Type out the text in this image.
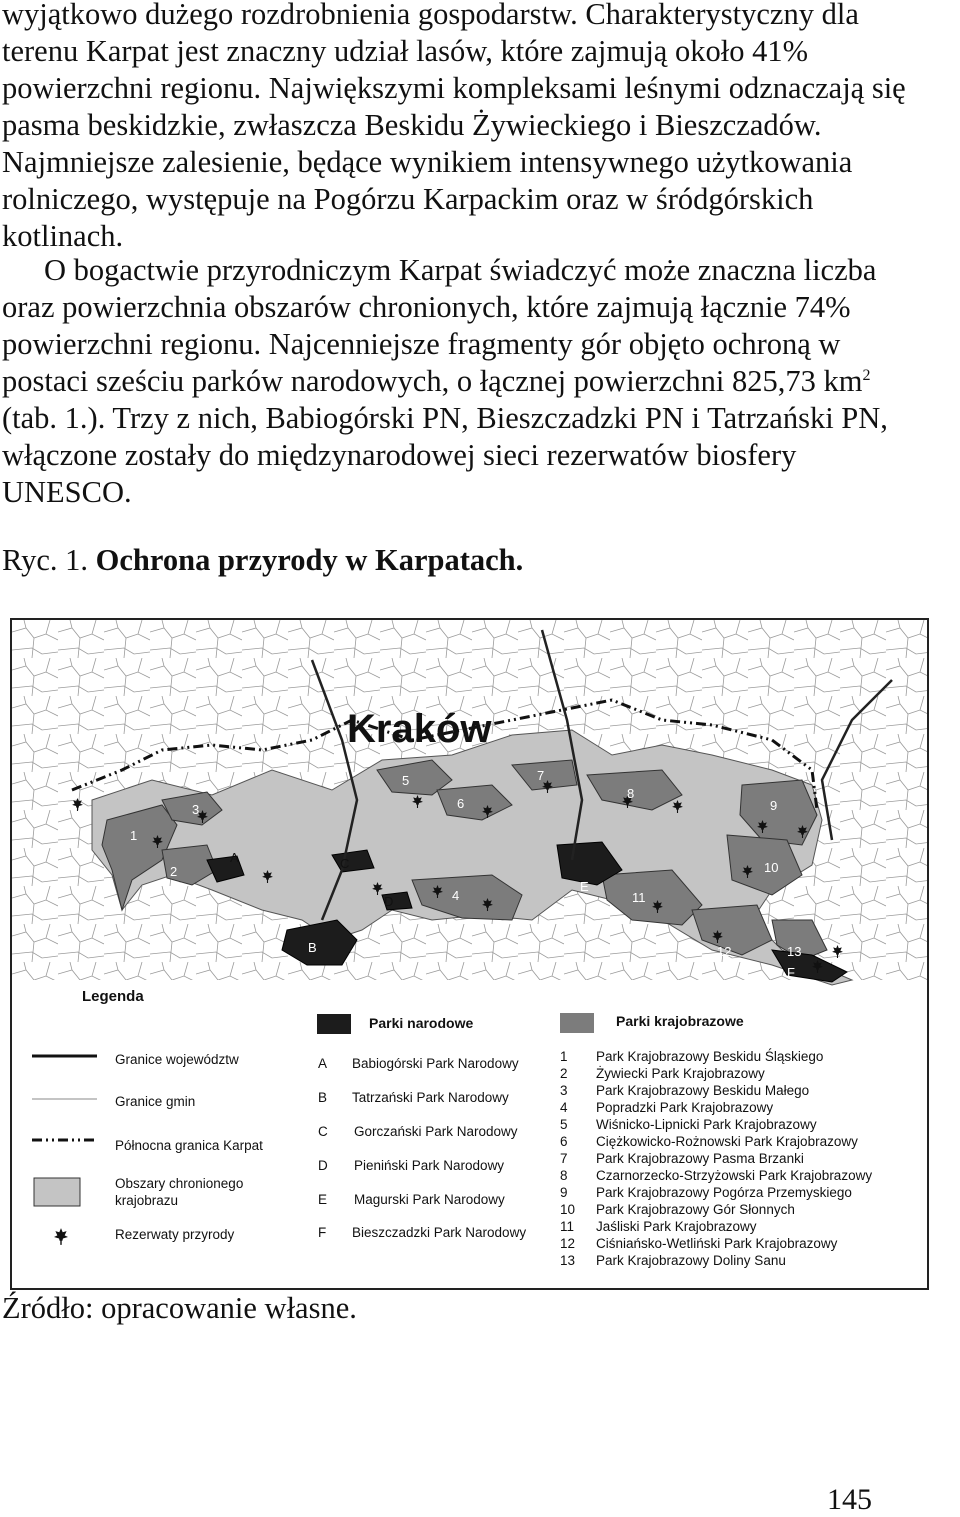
wyjątkowo dużego rozdrobnienia gospodarstw. Charakterystyczny dla
terenu Karpat jest znaczny udział lasów, które zajmują około 41%
powierzchni regionu. Największymi kompleksami leśnymi odznaczają się
pasma beskidzkie, zwłaszcza Beskidu Żywieckiego i Bieszczadów.
Najmniejsze zalesienie, będące wynikiem intensywnego użytkowania
rolniczego, występuje na Pogórzu Karpackim oraz w śródgórskich
kotlinach.
O bogactwie przyrodniczym Karpat świadczyć może znaczna liczba
oraz powierzchnia obszarów chronionych, które zajmują łącznie 74%
powierzchni regionu. Najcenniejsze fragmenty gór objęto ochroną w
postaci sześciu parków narodowych, o łącznej powierzchni 825,73 $km^2$
(tab. 1.). Trzy z nich, Babiogórski PN, Bieszczadzki PN i Tatrzański PN,
włączone zostały do międzynarodowej sieci rezerwatów biosfery
UNESCO.
Ryc. 1. Ochrona przyrody w Karpatach.
Kraków
1
2
3
4
5
6
7
8
9
10
11
12	13
A
B
C
D
E
F
Legenda
Granice województw
Granice gmin
Północna granica Karpat
Obszary chronionego
krajobrazu
Rezerwaty przyrody
Parki narodowe	Parki krajobrazowe
A Babiogórski Park Narodowy
B Tatrzański Park Narodowy
C Gorczański Park Narodowy
D Pieniński Park Narodowy
E Magurski Park Narodowy
F Bieszczadzki Park Narodowy
1 Park Krajobrazowy Beskidu Śląskiego
2 Żywiecki Park Krajobrazowy
3 Park Krajobrazowy Beskidu Małego
4 Popradzki Park Krajobrazowy
5 Wiśnicko-Lipnicki Park Krajobrazowy
6 Ciężkowicko-Rożnowski Park Krajobrazowy
7 Park Krajobrazowy Pasma Brzanki
8 Czarnorzecko-Strzyżowski Park Krajobrazowy
9 Park Krajobrazowy Pogórza Przemyskiego
10 Park Krajobrazowy Gór Słonnych
11 Jaśliski Park Krajobrazowy
12 Ciśniańsko-Wetliński Park Krajobrazowy
13 Park Krajobrazowy Doliny Sanu
Źródło: opracowanie własne.
145
